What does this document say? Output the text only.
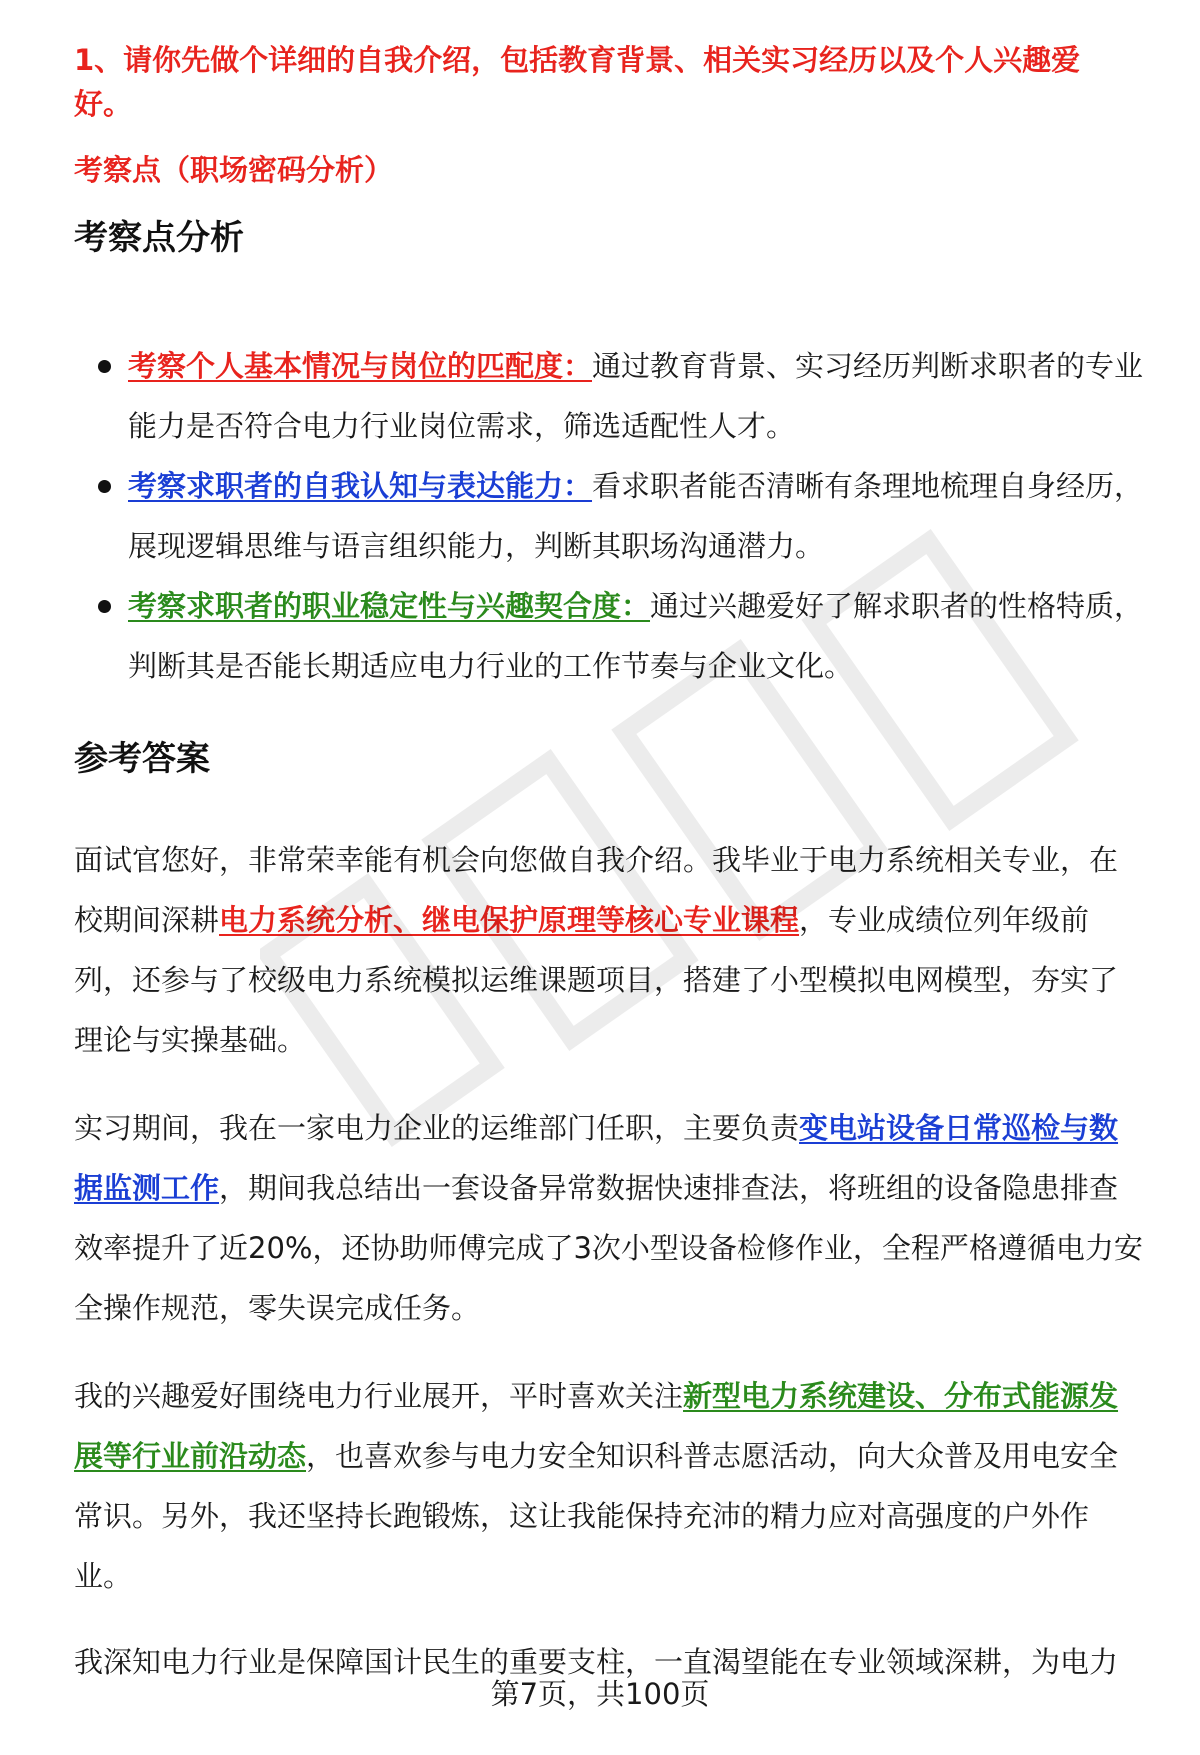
1、请你先做个详细的自我介绍，包括教育背景、相关实习经历以及个人兴趣爱好。

考察点（职场密码分析）

考察点分析
考察个人基本情况与岗位的匹配度：通过教育背景、实习经历判断求职者的专业能力是否符合电力行业岗位需求，筛选适配性人才。
考察求职者的自我认知与表达能力：看求职者能否清晰有条理地梳理自身经历，展现逻辑思维与语言组织能力，判断其职场沟通潜力。
考察求职者的职业稳定性与兴趣契合度：通过兴趣爱好了解求职者的性格特质，判断其是否能长期适应电力行业的工作节奏与企业文化。
参考答案

面试官您好，非常荣幸能有机会向您做自我介绍。我毕业于电力系统相关专业，在校期间深耕电力系统分析、继电保护原理等核心专业课程，专业成绩位列年级前列，还参与了校级电力系统模拟运维课题项目，搭建了小型模拟电网模型，夯实了理论与实操基础。

实习期间，我在一家电力企业的运维部门任职，主要负责变电站设备日常巡检与数据监测工作，期间我总结出一套设备异常数据快速排查法，将班组的设备隐患排查效率提升了近20%，还协助师傅完成了3次小型设备检修作业，全程严格遵循电力安全操作规范，零失误完成任务。

我的兴趣爱好围绕电力行业展开，平时喜欢关注新型电力系统建设、分布式能源发展等行业前沿动态，也喜欢参与电力安全知识科普志愿活动，向大众普及用电安全常识。另外，我还坚持长跑锻炼，这让我能保持充沛的精力应对高强度的户外作业。

我深知电力行业是保障国计民生的重要支柱，一直渴望能在专业领域深耕，为电力

第7页，共100页
